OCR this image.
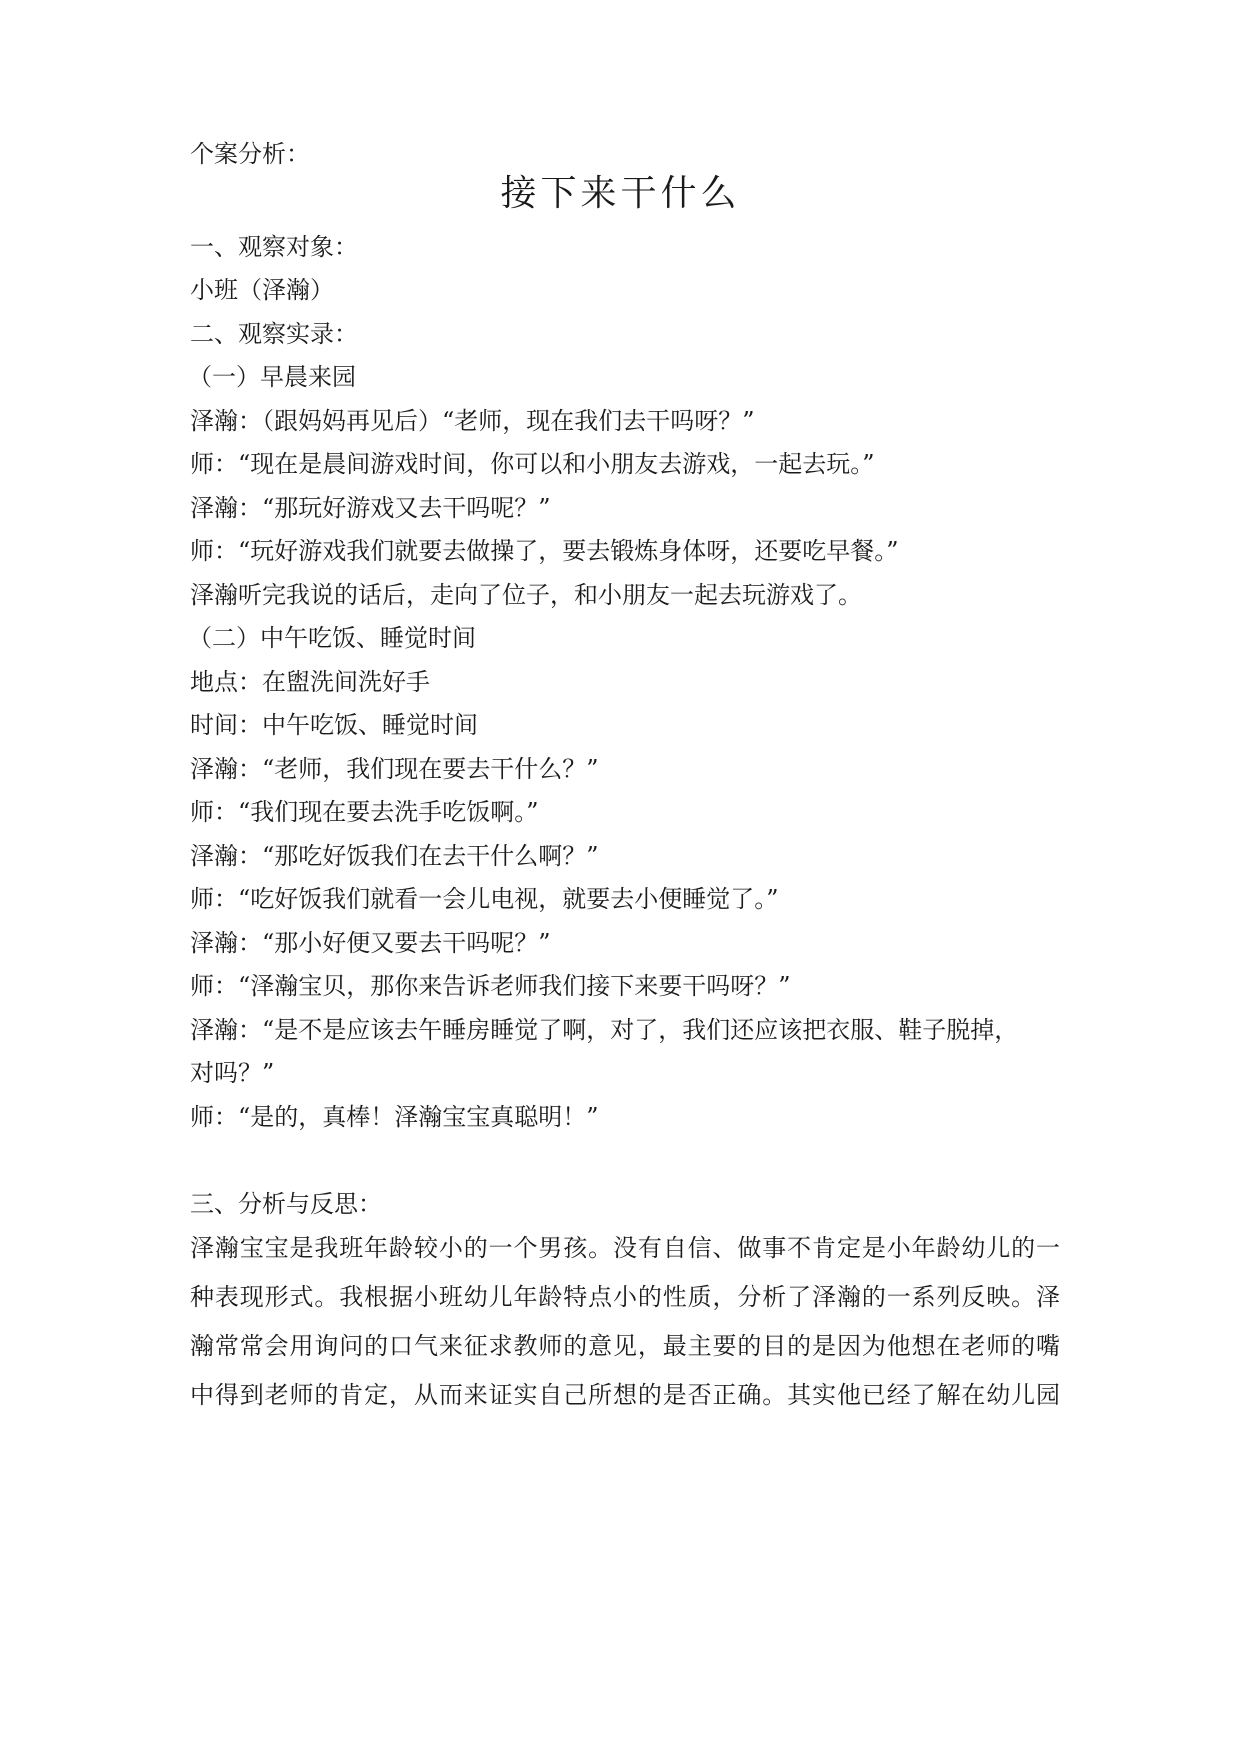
个案分析：
接下来干什么
一、观察对象：
小班（泽瀚）
二、观察实录：
（一）早晨来园
泽瀚：（跟妈妈再见后）“老师，现在我们去干吗呀？”
师：“现在是晨间游戏时间，你可以和小朋友去游戏，一起去玩。”
泽瀚：“那玩好游戏又去干吗呢？”
师：“玩好游戏我们就要去做操了，要去锻炼身体呀，还要吃早餐。”
泽瀚听完我说的话后，走向了位子，和小朋友一起去玩游戏了。
（二）中午吃饭、睡觉时间
地点：在盥洗间洗好手
时间：中午吃饭、睡觉时间
泽瀚：“老师，我们现在要去干什么？”
师：“我们现在要去洗手吃饭啊。”
泽瀚：“那吃好饭我们在去干什么啊？”
师：“吃好饭我们就看一会儿电视，就要去小便睡觉了。”
泽瀚：“那小好便又要去干吗呢？”
师：“泽瀚宝贝，那你来告诉老师我们接下来要干吗呀？”
泽瀚：“是不是应该去午睡房睡觉了啊，对了，我们还应该把衣服、鞋子脱掉，
对吗？”
师：“是的，真棒！泽瀚宝宝真聪明！”
三、分析与反思：
泽瀚宝宝是我班年龄较小的一个男孩。没有自信、做事不肯定是小年龄幼儿的一
种表现形式。我根据小班幼儿年龄特点小的性质，分析了泽瀚的一系列反映。泽
瀚常常会用询问的口气来征求教师的意见，最主要的目的是因为他想在老师的嘴
中得到老师的肯定，从而来证实自己所想的是否正确。其实他已经了解在幼儿园
